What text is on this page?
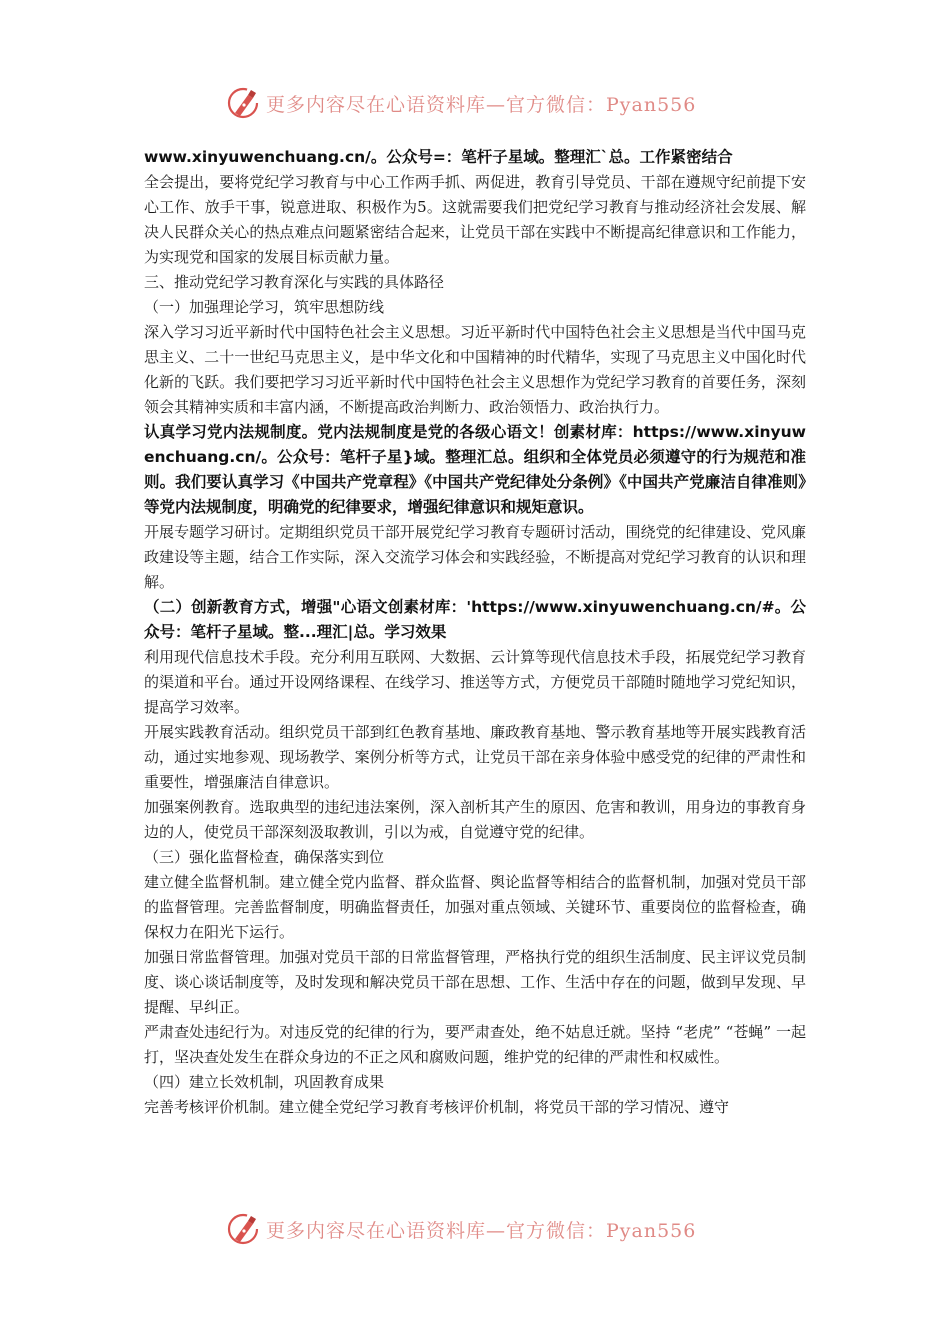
更多内容尽在心语资料库—官方微信：Pyan556

www.xinyuwenchuang.cn/。公众号=：笔杆子星域。整理汇`总。工作紧密结合

全会提出，要将党纪学习教育与中心工作两手抓、两促进，教育引导党员、干部在遵规守纪前提下安心工作、放手干事，锐意进取、积极作为5。这就需要我们把党纪学习教育与推动经济社会发展、解决人民群众关心的热点难点问题紧密结合起来，让党员干部在实践中不断提高纪律意识和工作能力，为实现党和国家的发展目标贡献力量。

三、推动党纪学习教育深化与实践的具体路径

（一）加强理论学习，筑牢思想防线

深入学习习近平新时代中国特色社会主义思想。习近平新时代中国特色社会主义思想是当代中国马克思主义、二十一世纪马克思主义，是中华文化和中国精神的时代精华，实现了马克思主义中国化时代化新的飞跃。我们要把学习习近平新时代中国特色社会主义思想作为党纪学习教育的首要任务，深刻领会其精神实质和丰富内涵，不断提高政治判断力、政治领悟力、政治执行力。

认真学习党内法规制度。党内法规制度是党的各级心语文！创素材库：https://www.xinyuwenchuang.cn/。公众号：笔杆子星}域。整理汇总。组织和全体党员必须遵守的行为规范和准则。我们要认真学习《中国共产党章程》《中国共产党纪律处分条例》《中国共产党廉洁自律准则》等党内法规制度，明确党的纪律要求，增强纪律意识和规矩意识。

开展专题学习研讨。定期组织党员干部开展党纪学习教育专题研讨活动，围绕党的纪律建设、党风廉政建设等主题，结合工作实际，深入交流学习体会和实践经验，不断提高对党纪学习教育的认识和理解。

（二）创新教育方式，增强"心语文创素材库：'https://www.xinyuwenchuang.cn/#。公众号：笔杆子星域。整...理汇|总。学习效果

利用现代信息技术手段。充分利用互联网、大数据、云计算等现代信息技术手段，拓展党纪学习教育的渠道和平台。通过开设网络课程、在线学习、推送等方式，方便党员干部随时随地学习党纪知识，提高学习效率。

开展实践教育活动。组织党员干部到红色教育基地、廉政教育基地、警示教育基地等开展实践教育活动，通过实地参观、现场教学、案例分析等方式，让党员干部在亲身体验中感受党的纪律的严肃性和重要性，增强廉洁自律意识。

加强案例教育。选取典型的违纪违法案例，深入剖析其产生的原因、危害和教训，用身边的事教育身边的人，使党员干部深刻汲取教训，引以为戒，自觉遵守党的纪律。

（三）强化监督检查，确保落实到位

建立健全监督机制。建立健全党内监督、群众监督、舆论监督等相结合的监督机制，加强对党员干部的监督管理。完善监督制度，明确监督责任，加强对重点领域、关键环节、重要岗位的监督检查，确保权力在阳光下运行。

加强日常监督管理。加强对党员干部的日常监督管理，严格执行党的组织生活制度、民主评议党员制度、谈心谈话制度等，及时发现和解决党员干部在思想、工作、生活中存在的问题，做到早发现、早提醒、早纠正。

严肃查处违纪行为。对违反党的纪律的行为，要严肃查处，绝不姑息迁就。坚持 “老虎” “苍蝇” 一起打，坚决查处发生在群众身边的不正之风和腐败问题，维护党的纪律的严肃性和权威性。

（四）建立长效机制，巩固教育成果

完善考核评价机制。建立健全党纪学习教育考核评价机制，将党员干部的学习情况、遵守

更多内容尽在心语资料库—官方微信：Pyan556
